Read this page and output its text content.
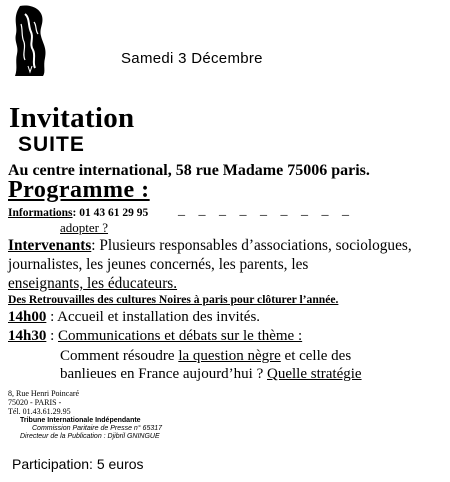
Samedi 3 Décembre
Invitation
SUITE
Au centre international, 58 rue Madame 75006 paris.
Programme :
Informations: 01 43 61 29 95 _ _ _ _ _ _ _ _ _
adopter ?
Intervenants: Plusieurs responsables d’associations, sociologues, journalistes, les jeunes concernés, les parents, les
enseignants, les éducateurs.
Des Retrouvailles des cultures Noires à paris pour clôturer l’année.
14h00 : Accueil et installation des invités.
14h30 : Communications et débats sur le thème :
Comment résoudre la question nègre et celle des
banlieues en France aujourd’hui ? Quelle stratégie
8, Rue Henri Poincaré
75020 - PARIS -
Tél. 01.43.61.29.95
Tribune Internationale Indépendante
Commission Paritaire de Presse n° 65317
Directeur de la Publication : Djibril GNINGUE
Participation: 5 euros
